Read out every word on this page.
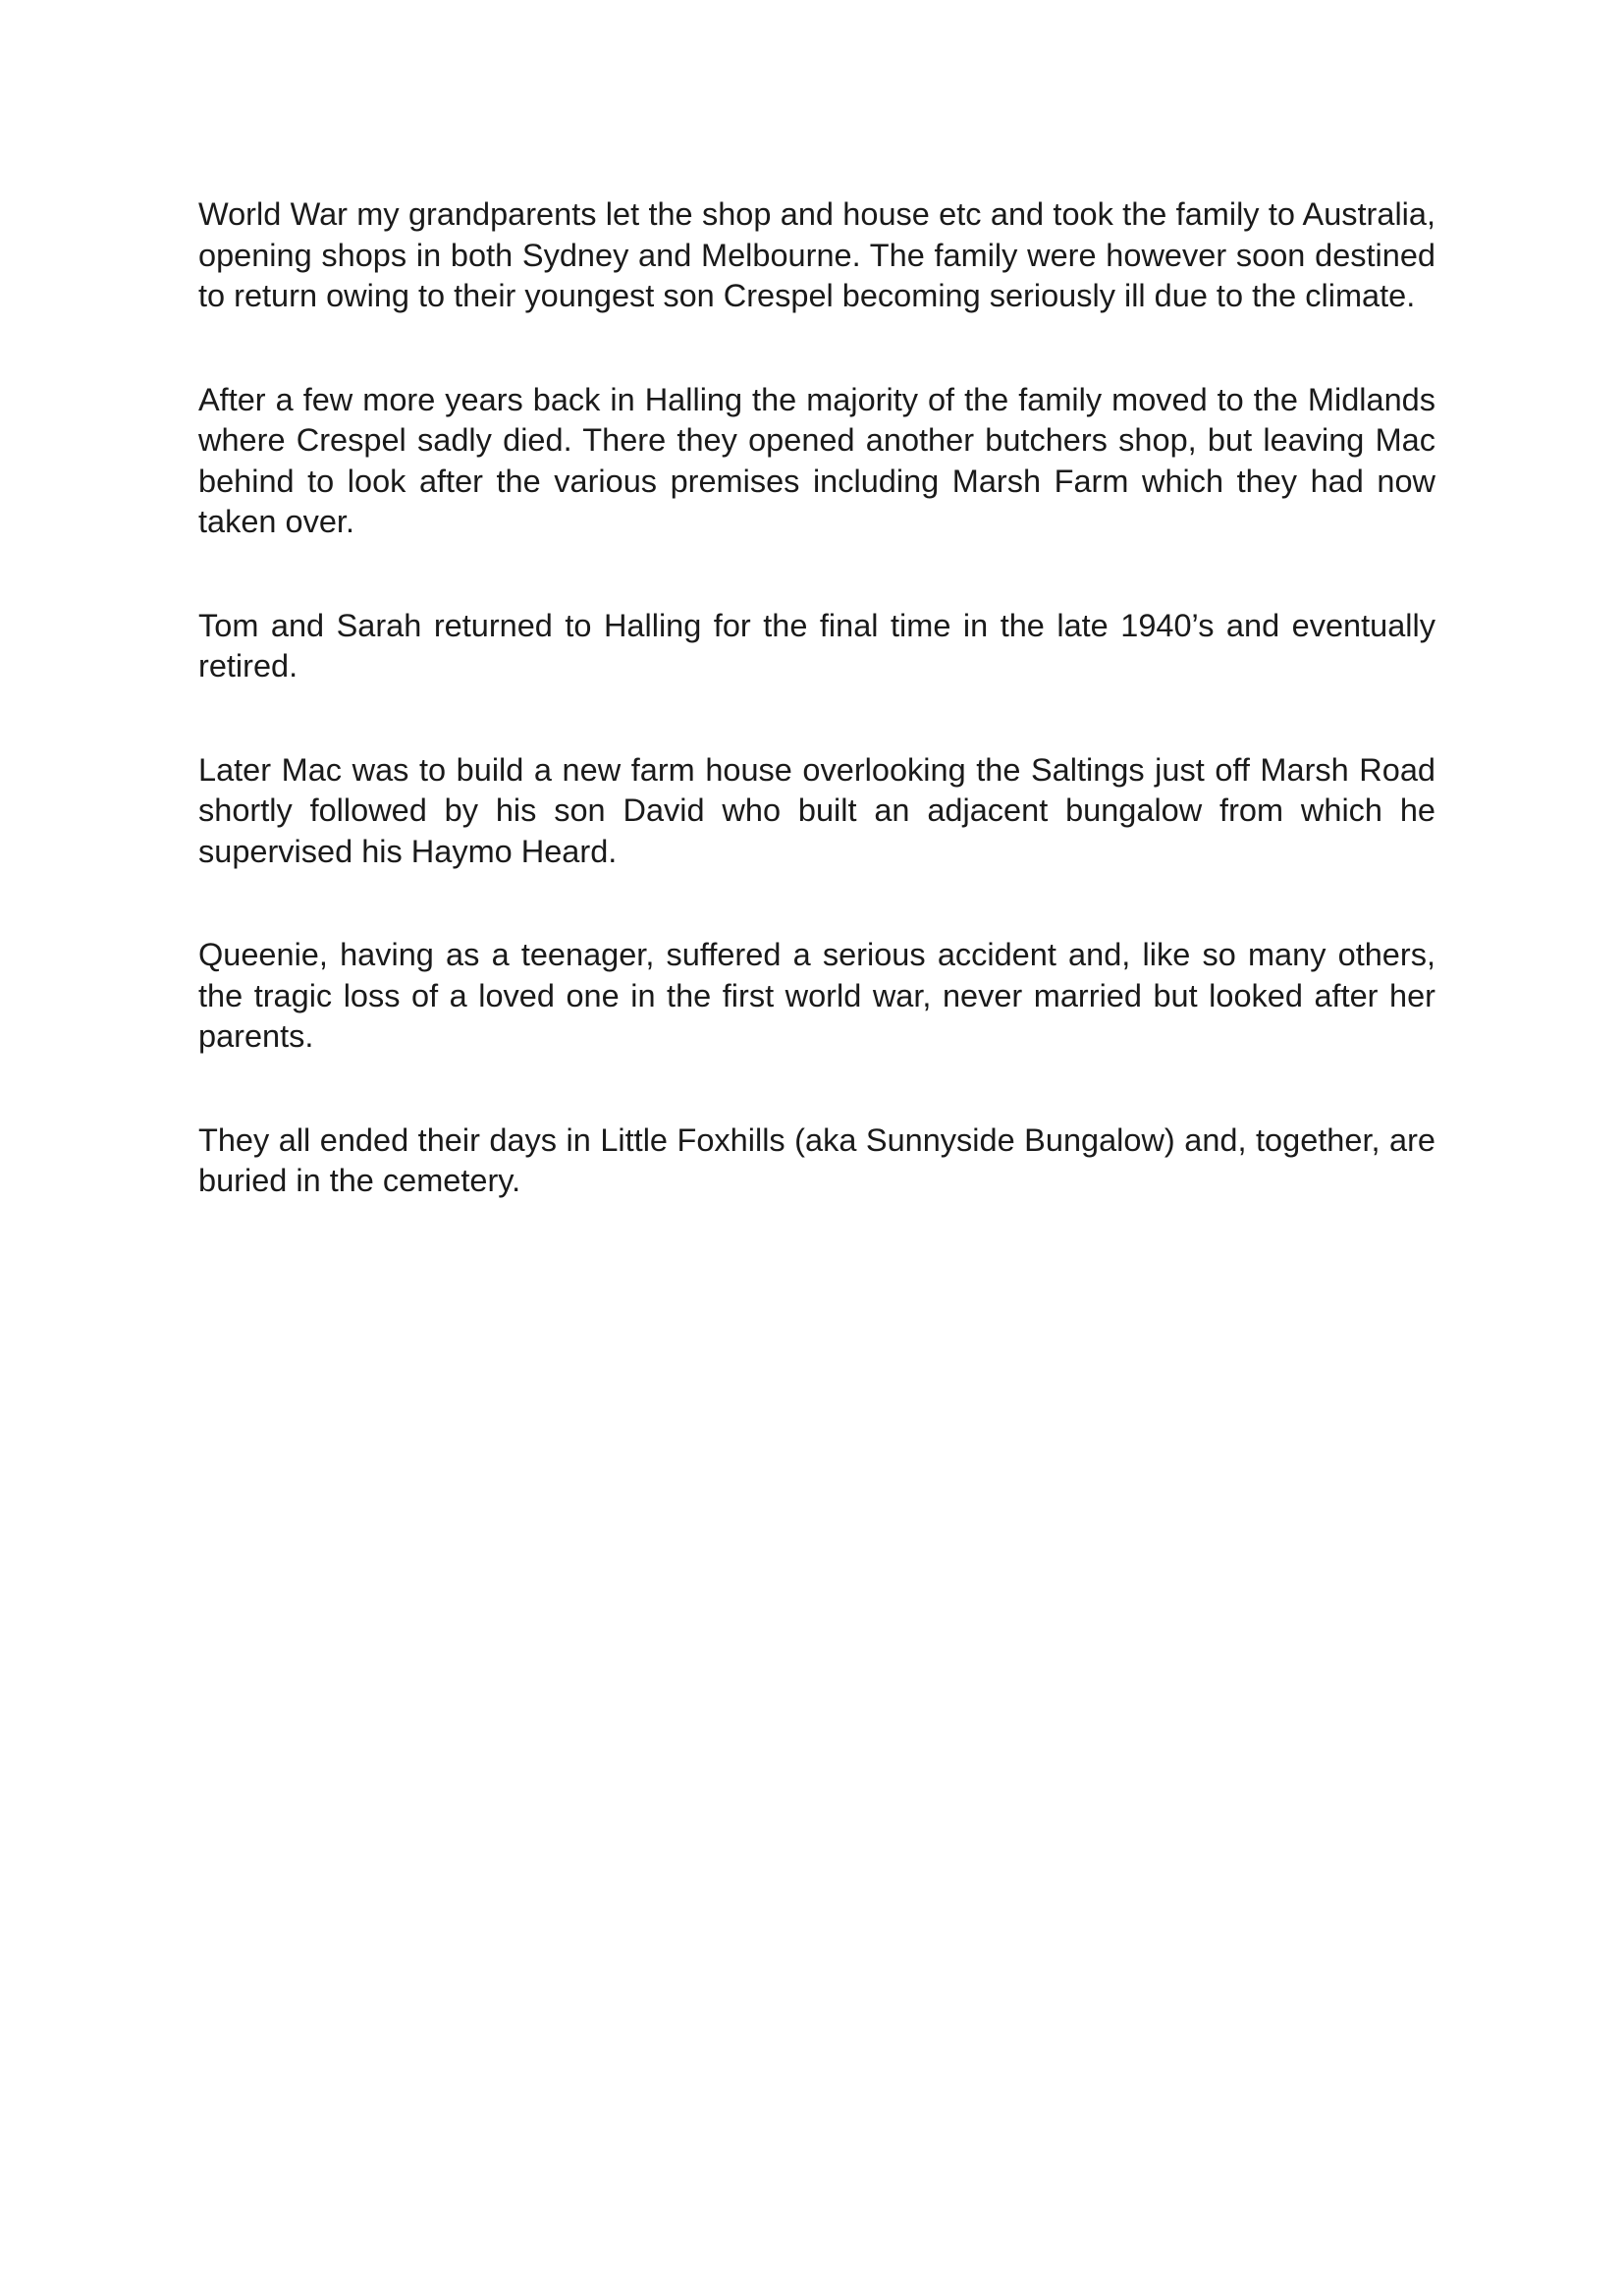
World War my grandparents let the shop and house etc and took the family to Australia, opening shops in both Sydney and Melbourne. The family were however soon destined to return owing to their youngest son Crespel becoming seriously ill due to the climate.

After a few more years back in Halling the majority of the family moved to the Midlands where Crespel sadly died. There they opened another butchers shop, but leaving Mac behind to look after the various premises including Marsh Farm which they had now taken over.

Tom and Sarah returned to Halling for the final time in the late 1940’s and eventually retired.

Later Mac was to build a new farm house overlooking the Saltings just off Marsh Road shortly followed by his son David who built an adjacent bungalow from which he supervised his Haymo Heard.

Queenie, having as a teenager, suffered a serious accident and, like so many others, the tragic loss of a loved one in the first world war, never married but looked after her parents.

They all ended their days in Little Foxhills (aka Sunnyside Bungalow) and, together, are buried in the cemetery.
